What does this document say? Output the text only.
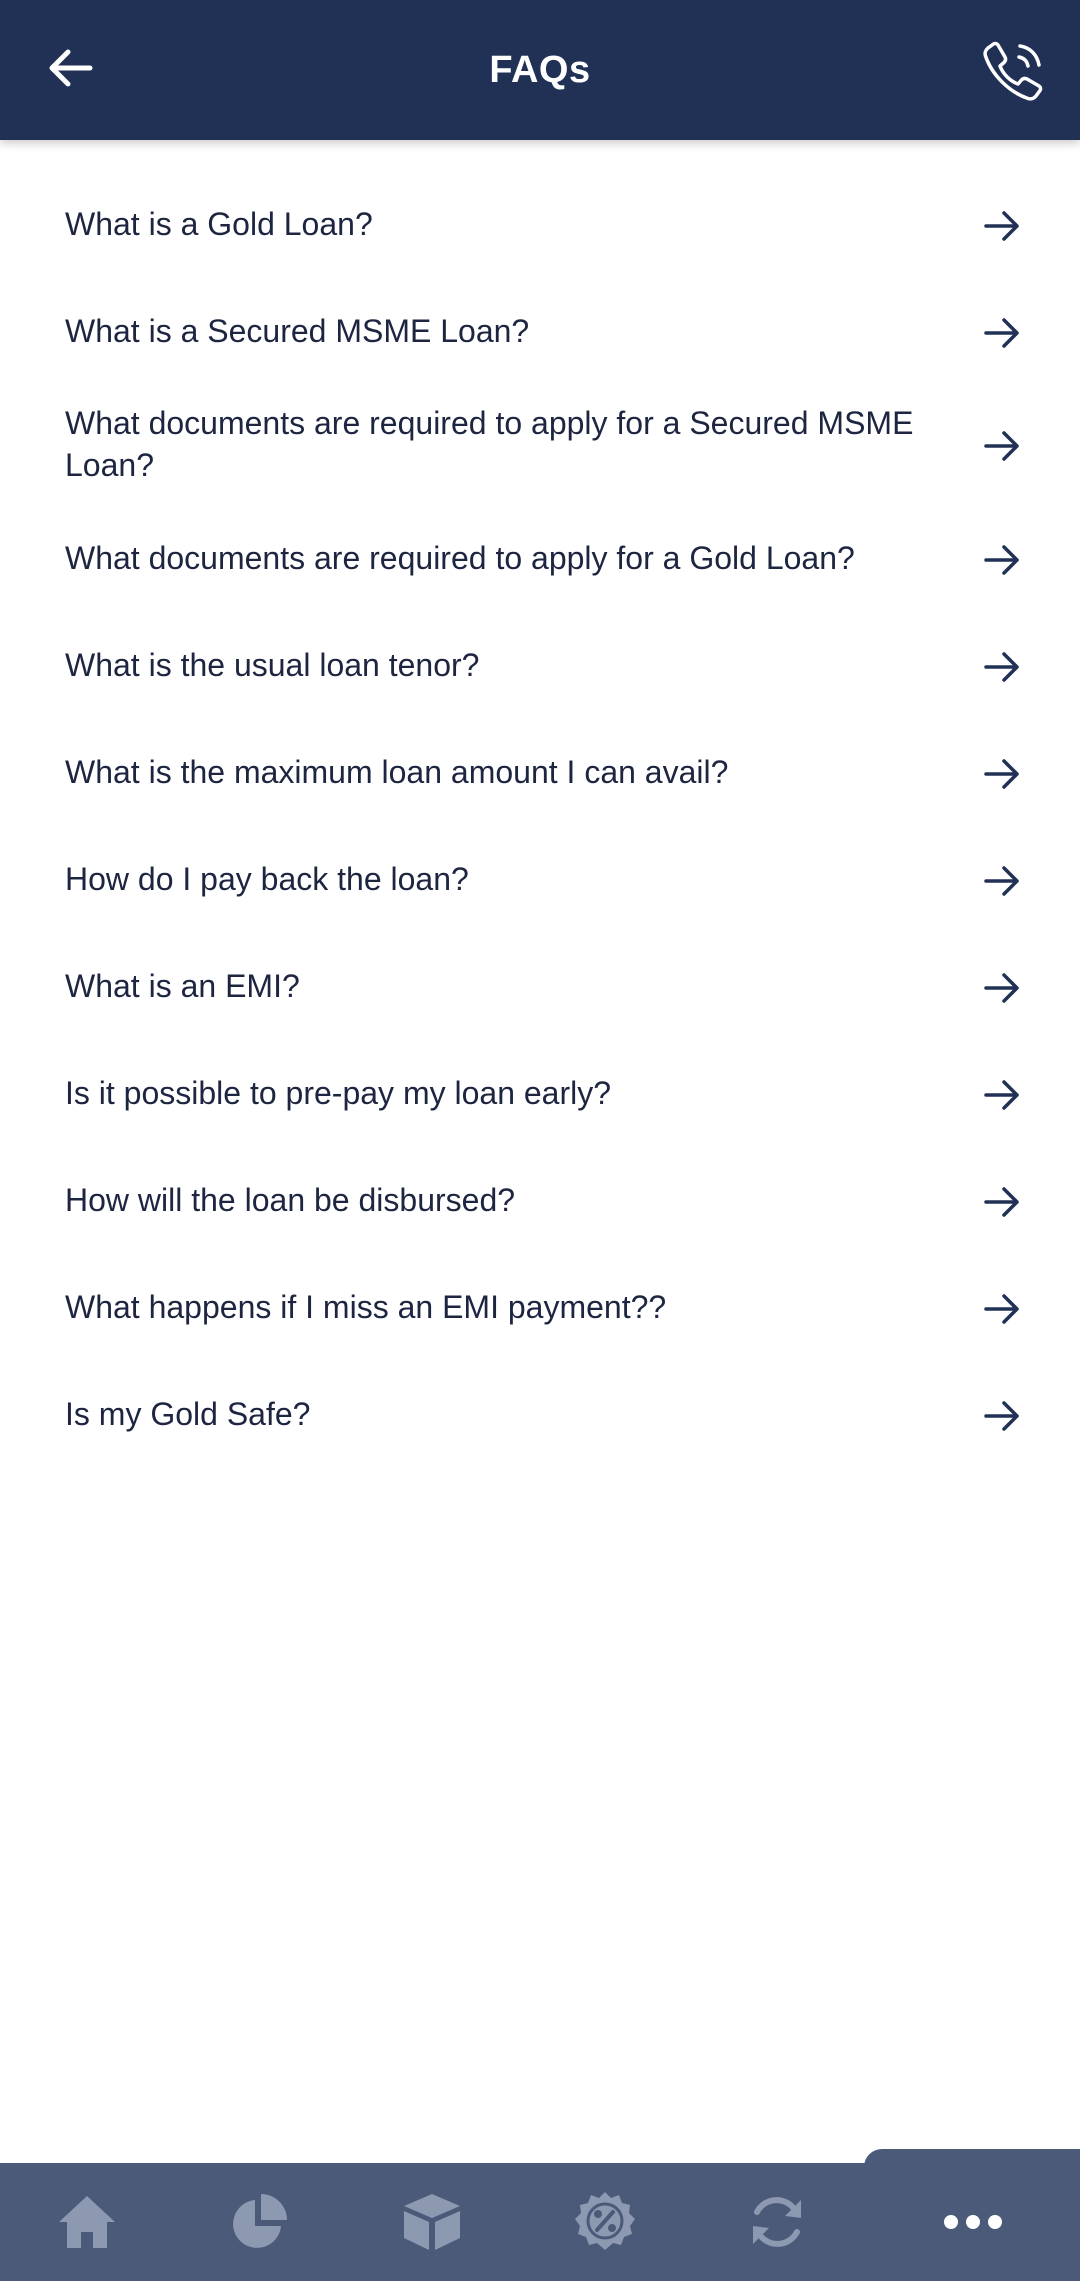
FAQs
What is a Gold Loan?
What is a Secured MSME Loan?
What documents are required to apply for a Secured MSME Loan?
What documents are required to apply for a Gold Loan?
What is the usual loan tenor?
What is the maximum loan amount I can avail?
How do I pay back the loan?
What is an EMI?
Is it possible to pre-pay my loan early?
How will the loan be disbursed?
What happens if I miss an EMI payment??
Is my Gold Safe?
